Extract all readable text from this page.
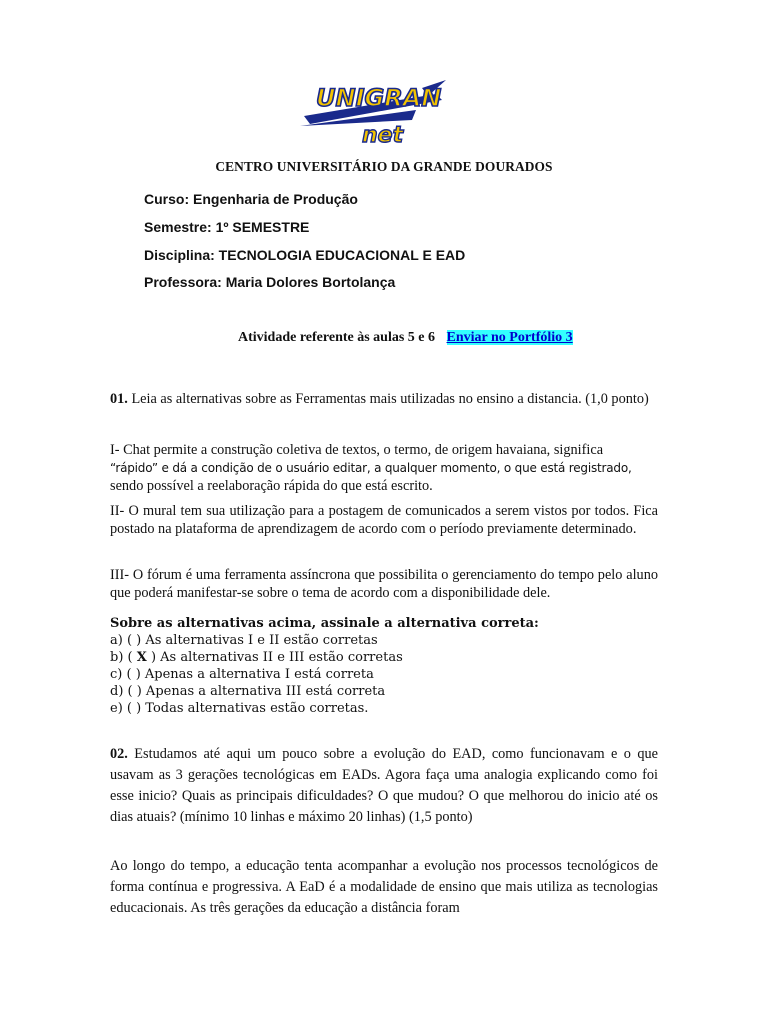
UNIGRAN
net
CENTRO UNIVERSITÁRIO DA GRANDE DOURADOS
Curso: Engenharia de Produção
Semestre: 1º SEMESTRE
Disciplina: TECNOLOGIA EDUCACIONAL E EAD
Professora: Maria Dolores Bortolança
Atividade referente às aulas 5 e 6 Enviar no Portfólio 3
01. Leia as alternativas sobre as Ferramentas mais utilizadas no ensino a distancia. (1,0 ponto)
I- Chat permite a construção coletiva de textos, o termo, de origem havaiana, significa
“rápido” e dá a condição de o usuário editar, a qualquer momento, o que está registrado,
sendo possível a reelaboração rápida do que está escrito.
II- O mural tem sua utilização para a postagem de comunicados a serem vistos por todos. Fica postado na plataforma de aprendizagem de acordo com o período previamente determinado.
III- O fórum é uma ferramenta assíncrona que possibilita o gerenciamento do tempo pelo aluno que poderá manifestar-se sobre o tema de acordo com a disponibilidade dele.
Sobre as alternativas acima, assinale a alternativa correta:
a) ( ) As alternativas I e II estão corretas
b) ( X ) As alternativas II e III estão corretas
c) ( ) Apenas a alternativa I está correta
d) ( ) Apenas a alternativa III está correta
e) ( ) Todas alternativas estão corretas.
02. Estudamos até aqui um pouco sobre a evolução do EAD, como funcionavam e o que usavam as 3 gerações tecnológicas em EADs. Agora faça uma analogia explicando como foi esse inicio? Quais as principais dificuldades? O que mudou? O que melhorou do inicio até os dias atuais? (mínimo 10 linhas e máximo 20 linhas) (1,5 ponto)
Ao longo do tempo, a educação tenta acompanhar a evolução nos processos tecnológicos de forma contínua e progressiva. A EaD é a modalidade de ensino que mais utiliza as tecnologias educacionais. As três gerações da educação a distância foram
